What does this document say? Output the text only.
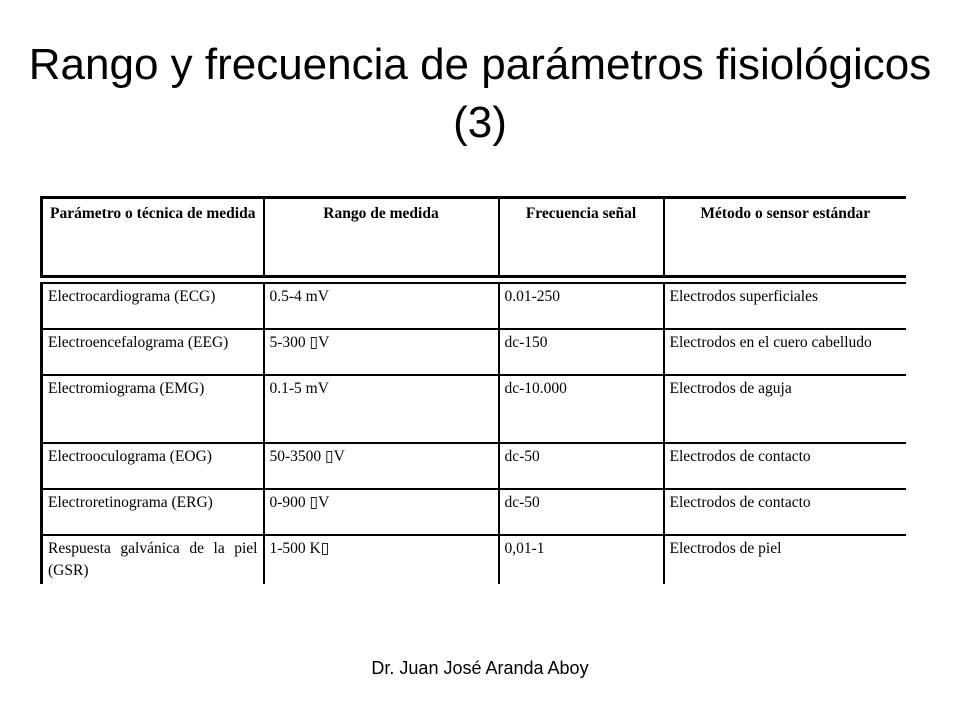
Rango y frecuencia de parámetros fisiológicos (3)
Parámetro o técnica de medida	Rango de medida	Frecuencia señal	Método o sensor estándar

Electrocardiograma (ECG)	0.5-4 mV	0.01-250	Electrodos superficiales
Electroencefalograma (EEG)	5-300 ▯V	dc-150	Electrodos en el cuero cabelludo
Electromiograma (EMG)	0.1-5 mV	dc-10.000	Electrodos de aguja
Electrooculograma (EOG)	50-3500 ▯V	dc-50	Electrodos de contacto
Electroretinograma (ERG)	0-900 ▯V	dc-50	Electrodos de contacto
Respuesta galvánica de la piel (GSR)	1-500 K▯	0,01-1	Electrodos de piel
Dr. Juan José Aranda Aboy
